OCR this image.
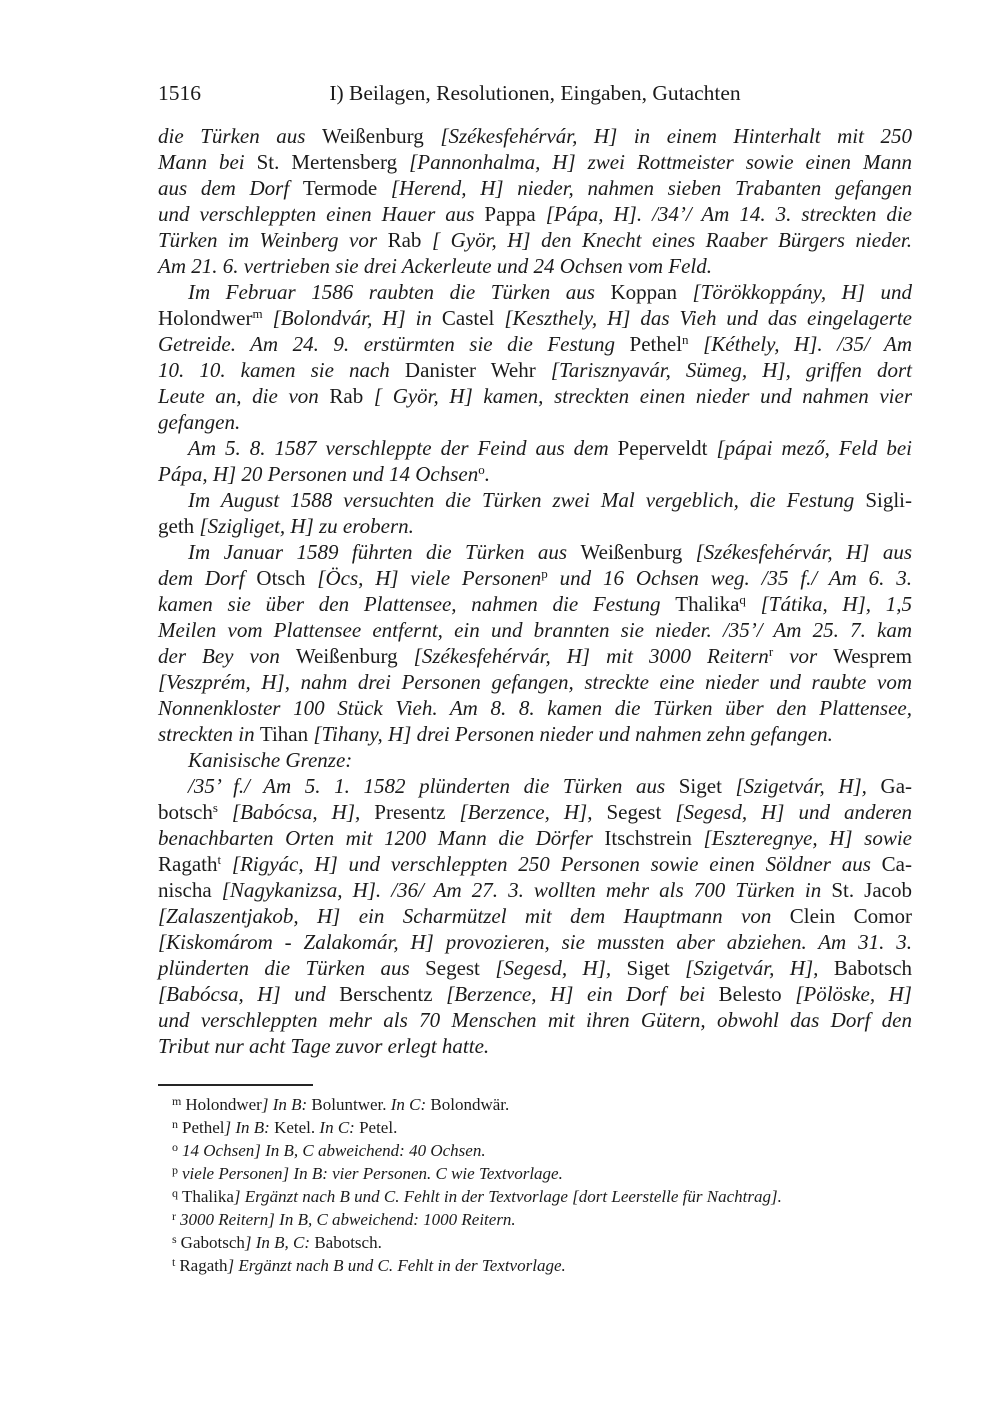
1516	I) Beilagen, Resolutionen, Eingaben, Gutachten
die Türken aus Weißenburg [Székesfehérvár, H] in einem Hinterhalt mit 250
Mann bei St. Mertensberg [Pannonhalma, H] zwei Rottmeister sowie einen Mann
aus dem Dorf Termode [Herend, H] nieder, nahmen sieben Trabanten gefangen
und verschleppten einen Hauer aus Pappa [Pápa, H]. /34’/ Am 14. 3. streckten die
Türken im Weinberg vor Rab [ Györ, H] den Knecht eines Raaber Bürgers nieder.
Am 21. 6. vertrieben sie drei Ackerleute und 24 Ochsen vom Feld.
Im Februar 1586 raubten die Türken aus Koppan [Törökkoppány, H] und
Holondwer$^m$ [Bolondvár, H] in Castel [Keszthely, H] das Vieh und das eingelagerte
Getreide. Am 24. 9. erstürmten sie die Festung Pethel$^n$ [Kéthely, H]. /35/ Am
10. 10. kamen sie nach Danister Wehr [Tarisznyavár, Sümeg, H], griffen dort
Leute an, die von Rab [ Györ, H] kamen, streckten einen nieder und nahmen vier
gefangen.
Am 5. 8. 1587 verschleppte der Feind aus dem Peperveldt [pápai mező, Feld bei
Pápa, H] 20 Personen und 14 Ochsen$^o$.
Im August 1588 versuchten die Türken zwei Mal vergeblich, die Festung Sigli-
geth [Szigliget, H] zu erobern.
Im Januar 1589 führten die Türken aus Weißenburg [Székesfehérvár, H] aus
dem Dorf Otsch [Öcs, H] viele Personen$^p$ und 16 Ochsen weg. /35 f./ Am 6. 3.
kamen sie über den Plattensee, nahmen die Festung Thalika$^q$ [Tátika, H], 1,5
Meilen vom Plattensee entfernt, ein und brannten sie nieder. /35’/ Am 25. 7. kam
der Bey von Weißenburg [Székesfehérvár, H] mit 3000 Reitern$^r$ vor Wesprem
[Veszprém, H], nahm drei Personen gefangen, streckte eine nieder und raubte vom
Nonnenkloster 100 Stück Vieh. Am 8. 8. kamen die Türken über den Plattensee,
streckten in Tihan [Tihany, H] drei Personen nieder und nahmen zehn gefangen.
Kanisische Grenze:
/35’ f./ Am 5. 1. 1582 plünderten die Türken aus Siget [Szigetvár, H], Ga-
botsch$^s$ [Babócsa, H], Presentz [Berzence, H], Segest [Segesd, H] und anderen
benachbarten Orten mit 1200 Mann die Dörfer Itschstrein [Eszteregnye, H] sowie
Ragath$^t$ [Rigyác, H] und verschleppten 250 Personen sowie einen Söldner aus Ca-
nischa [Nagykanizsa, H]. /36/ Am 27. 3. wollten mehr als 700 Türken in St. Jacob
[Zalaszentjakob, H] ein Scharmützel mit dem Hauptmann von Clein Comor
[Kiskomárom - Zalakomár, H] provozieren, sie mussten aber abziehen. Am 31. 3.
plünderten die Türken aus Segest [Segesd, H], Siget [Szigetvár, H], Babotsch
[Babócsa, H] und Berschentz [Berzence, H] ein Dorf bei Belesto [Pölöske, H]
und verschleppten mehr als 70 Menschen mit ihren Gütern, obwohl das Dorf den
Tribut nur acht Tage zuvor erlegt hatte.
$^m$ Holondwer] In B: Boluntwer. In C: Bolondwär.
$^n$ Pethel] In B: Ketel. In C: Petel.
$^o$ 14 Ochsen] In B, C abweichend: 40 Ochsen.
$^p$ viele Personen] In B: vier Personen. C wie Textvorlage.
$^q$ Thalika] Ergänzt nach B und C. Fehlt in der Textvorlage [dort Leerstelle für Nachtrag].
$^r$ 3000 Reitern] In B, C abweichend: 1000 Reitern.
$^s$ Gabotsch] In B, C: Babotsch.
$^t$ Ragath] Ergänzt nach B und C. Fehlt in der Textvorlage.
